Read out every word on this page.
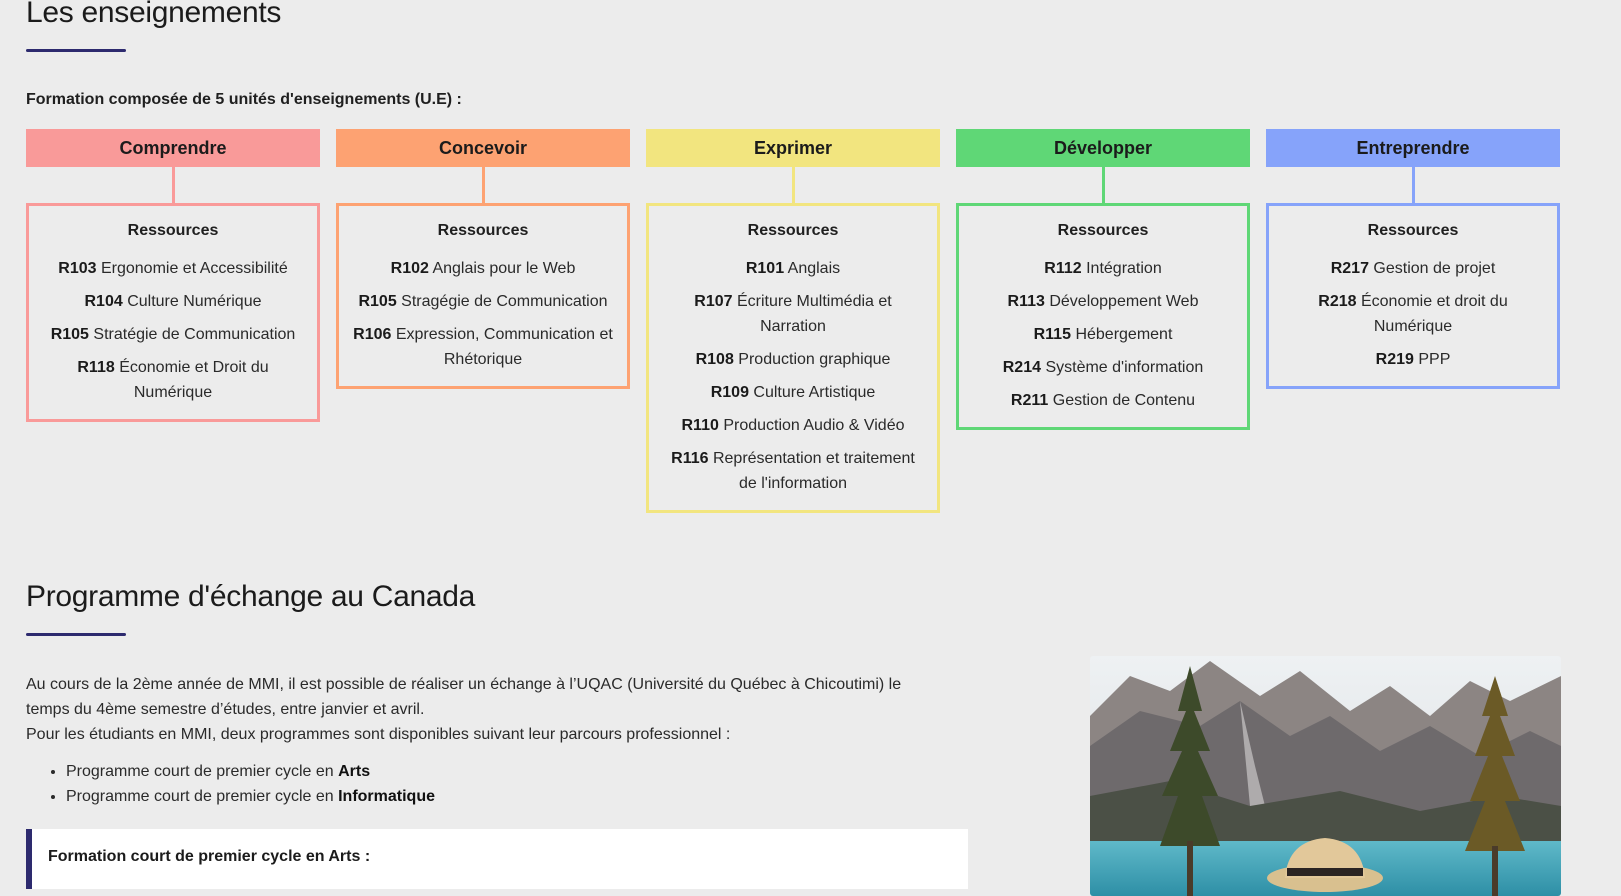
Les enseignements
Formation composée de 5 unités d'enseignements (U.E) :
Comprendre
Ressources
R103 Ergonomie et Accessibilité
R104 Culture Numérique
R105 Stratégie de Communication
R118 Économie et Droit du Numérique
Concevoir
Ressources
R102 Anglais pour le Web
R105 Stragégie de Communication
R106 Expression, Communication et Rhétorique
Exprimer
Ressources
R101 Anglais
R107 Écriture Multimédia et Narration
R108 Production graphique
R109 Culture Artistique
R110 Production Audio & Vidéo
R116 Représentation et traitement de l'information
Développer
Ressources
R112 Intégration
R113 Développement Web
R115 Hébergement
R214 Système d'information
R211 Gestion de Contenu
Entreprendre
Ressources
R217 Gestion de projet
R218 Économie et droit du Numérique
R219 PPP
Programme d'échange au Canada

Au cours de la 2ème année de MMI, il est possible de réaliser un échange à l’UQAC (Université du Québec à Chicoutimi) le temps du 4ème semestre d’études, entre janvier et avril.

Pour les étudiants en MMI, deux programmes sont disponibles suivant leur parcours professionnel :

• Programme court de premier cycle en Arts
• Programme court de premier cycle en Informatique
Formation court de premier cycle en Arts :
